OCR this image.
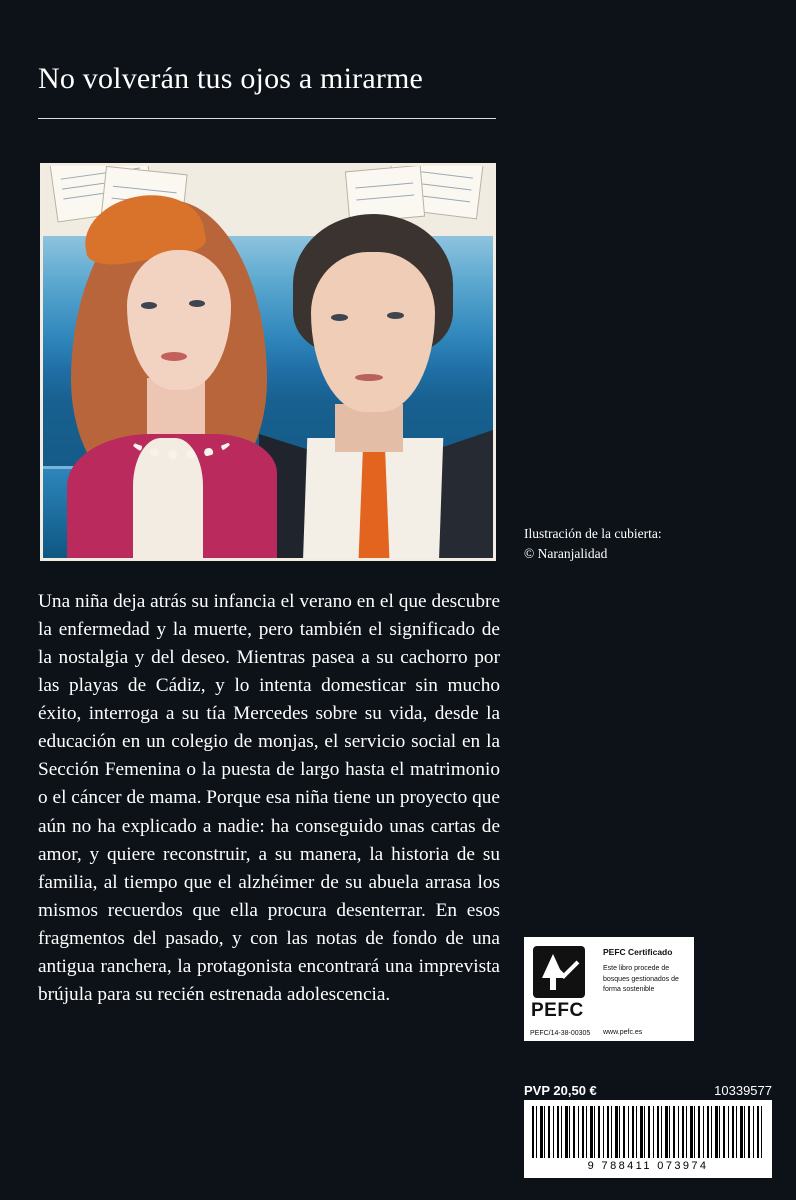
No volverán tus ojos a mirarme
Ilustración de la cubierta:
© Naranjalidad
Una niña deja atrás su infancia el verano en el que descubre la enfermedad y la muerte, pero también el significado de la nostalgia y del deseo. Mientras pasea a su cachorro por las playas de Cádiz, y lo intenta domesticar sin mucho éxito, interroga a su tía Mercedes sobre su vida, desde la educación en un colegio de monjas, el servicio social en la Sección Femenina o la puesta de largo hasta el matrimonio o el cáncer de mama. Porque esa niña tiene un proyecto que aún no ha explicado a nadie: ha conseguido unas cartas de amor, y quiere reconstruir, a su manera, la historia de su familia, al tiempo que el alzhéimer de su abuela arrasa los mismos recuerdos que ella procura desenterrar. En esos fragmentos del pasado, y con las notas de fondo de una antigua ranchera, la protagonista encontrará una imprevista brújula para su recién estrenada adolescencia.
PEFC
PEFC/14-38-00305
PEFC Certificado
Este libro procede de bosques gestionados de forma sostenible
www.pefc.es
PVP 20,50 €	10339577
9 788411 073974
